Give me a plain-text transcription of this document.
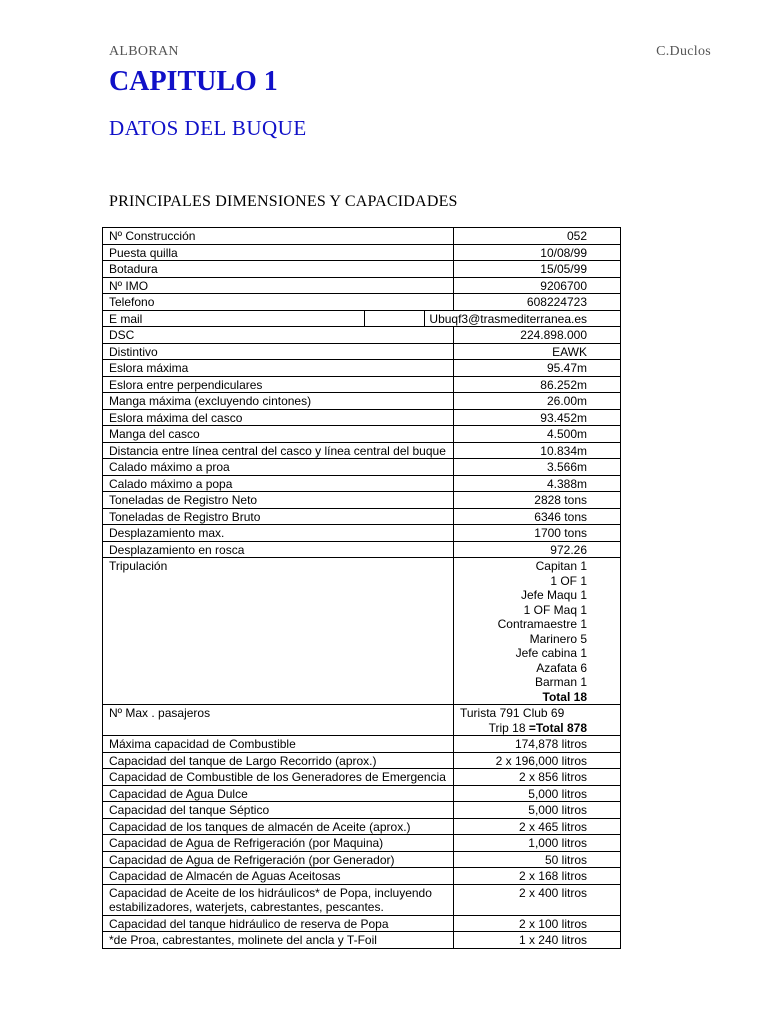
ALBORAN	C.Duclos
CAPITULO 1
DATOS DEL BUQUE
PRINCIPALES DIMENSIONES Y CAPACIDADES
Nº Construcción	052
Puesta quilla	10/08/99
Botadura	15/05/99
Nº IMO	9206700
Telefono	608224723
E mail	Ubuqf3@trasmediterranea.es
DSC	224.898.000
Distintivo	EAWK
Eslora máxima	95.47m
Eslora entre perpendiculares	86.252m
Manga máxima (excluyendo cintones)	26.00m
Eslora máxima del casco	93.452m
Manga del casco	4.500m
Distancia entre línea central del casco y línea central del buque	10.834m
Calado máximo a proa	3.566m
Calado máximo a popa	4.388m
Toneladas de Registro Neto	2828 tons
Toneladas de Registro Bruto	6346 tons
Desplazamiento max.	1700 tons
Desplazamiento en rosca	972.26
Tripulación	Capitan 1
1 OF 1
Jefe Maqu 1
1 OF Maq 1
Contramaestre 1
Marinero 5
Jefe cabina 1
Azafata 6
Barman 1
Total 18
Nº Max . pasajeros	Turista 791 Club 69
Trip 18 =Total 878
Máxima capacidad de Combustible	174,878 litros
Capacidad del tanque de Largo Recorrido (aprox.)	2 x 196,000 litros
Capacidad de Combustible de los Generadores de Emergencia	2 x 856 litros
Capacidad de Agua Dulce	5,000 litros
Capacidad del tanque Séptico	5,000 litros
Capacidad de los tanques de almacén de Aceite (aprox.)	2 x 465 litros
Capacidad de Agua de Refrigeración (por Maquina)	1,000 litros
Capacidad de Agua de Refrigeración (por Generador)	50 litros
Capacidad de Almacén de Aguas Aceitosas	2 x 168 litros
Capacidad de Aceite de los hidráulicos* de Popa, incluyendo estabilizadores, waterjets, cabrestantes, pescantes.
2 x 400 litros
Capacidad del tanque hidráulico de reserva de Popa	2 x 100 litros
*de Proa, cabrestantes, molinete del ancla y T-Foil	1 x 240 litros
